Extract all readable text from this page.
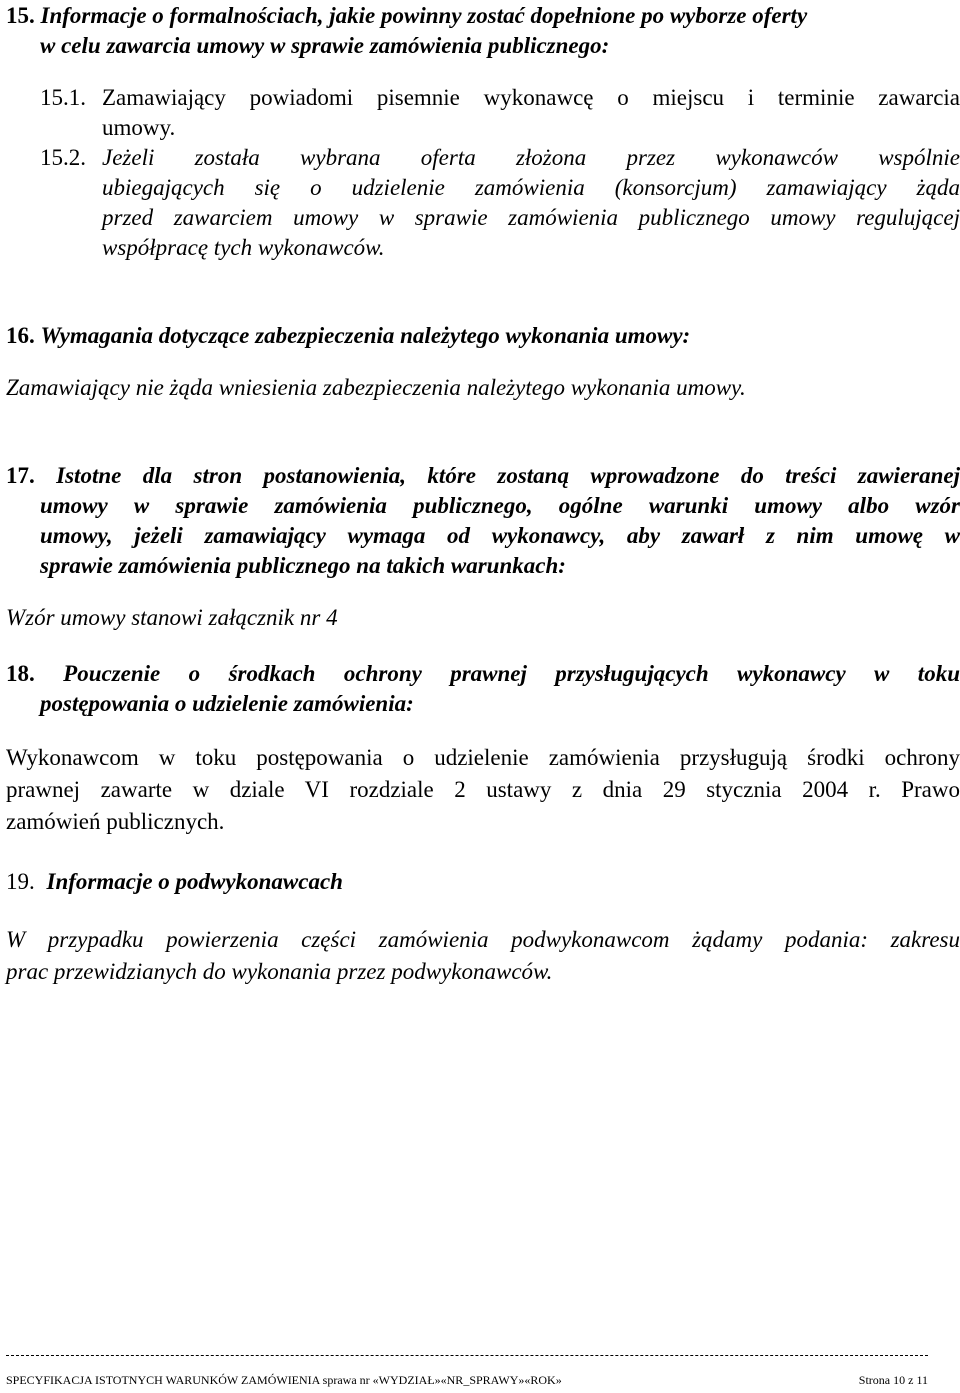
15. Informacje o formalnościach, jakie powinny zostać dopełnione po wyborze oferty
w celu zawarcia umowy w sprawie zamówienia publicznego:
15.1. Zamawiający powiadomi pisemnie wykonawcę o miejscu i terminie zawarcia
umowy.
15.2. Jeżeli została wybrana oferta złożona przez wykonawców wspólnie
ubiegających się o udzielenie zamówienia (konsorcjum) zamawiający żąda
przed zawarciem umowy w sprawie zamówienia publicznego umowy regulującej
współpracę tych wykonawców.
16. Wymagania dotyczące zabezpieczenia należytego wykonania umowy:
Zamawiający nie żąda wniesienia zabezpieczenia należytego wykonania umowy.
17. Istotne dla stron postanowienia, które zostaną wprowadzone do treści zawieranej
umowy w sprawie zamówienia publicznego, ogólne warunki umowy albo wzór
umowy, jeżeli zamawiający wymaga od wykonawcy, aby zawarł z nim umowę w
sprawie zamówienia publicznego na takich warunkach:
Wzór umowy stanowi załącznik nr 4
18. Pouczenie o środkach ochrony prawnej przysługujących wykonawcy w toku
postępowania o udzielenie zamówienia:
Wykonawcom w toku postępowania o udzielenie zamówienia przysługują środki ochrony
prawnej zawarte w dziale VI rozdziale 2 ustawy z dnia 29 stycznia 2004 r. Prawo
zamówień publicznych.
19. Informacje o podwykonawcach
W przypadku powierzenia części zamówienia podwykonawcom żądamy podania: zakresu
prac przewidzianych do wykonania przez podwykonawców.
SPECYFIKACJA ISTOTNYCH WARUNKÓW ZAMÓWIENIA sprawa nr «WYDZIAŁ»«NR_SPRAWY»«ROK»	Strona 10 z 11
